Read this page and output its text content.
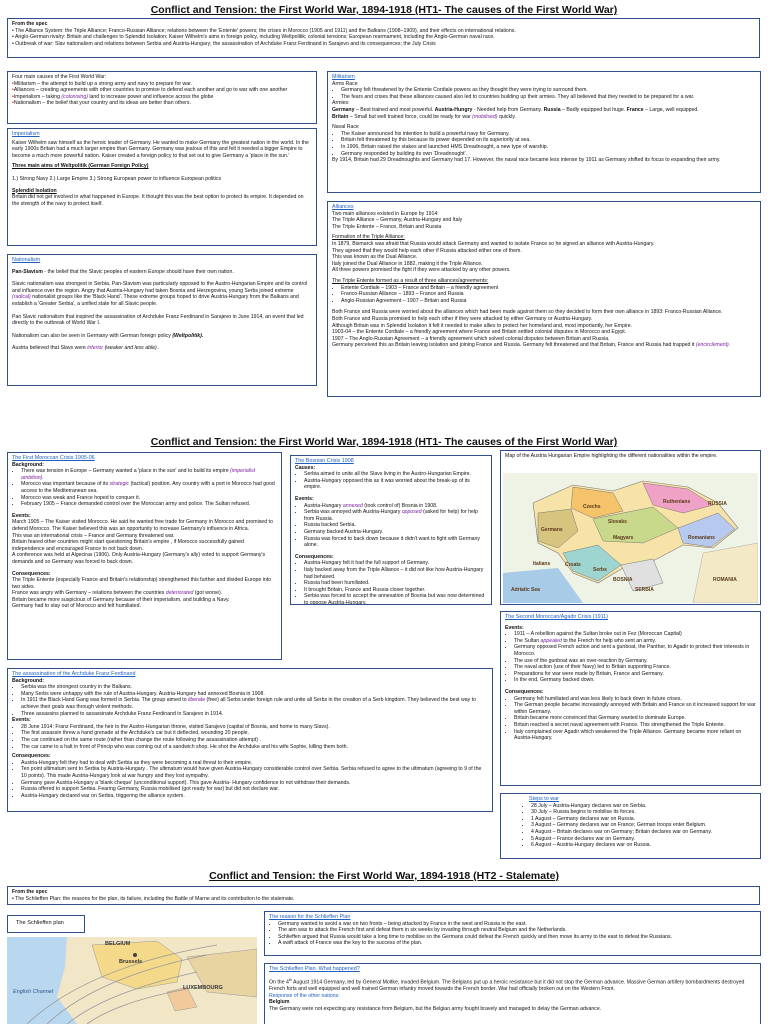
Conflict and Tension: the First World War, 1894-1918 (HT1- The causes of the First World War)
From the spec
• The Alliance System: the Triple Alliance; Franco-Russian Alliance; relations between the 'Entente' powers; the crises in Morocco (1905 and 1911) and the Balkans (1908–1909), and their effects on international relations.
• Anglo-German rivalry: Britain and challenges to Splendid Isolation; Kaiser Wilhelm's aims in foreign policy, including Weltpolitik; colonial tensions; European rearmament, including the Anglo-German naval race.
• Outbreak of war: Slav nationalism and relations between Serbia and Austria-Hungary; the assassination of Archduke Franz Ferdinand in Sarajevo and its consequences; the July Crisis
Four main causes of the First World War:
•Militarism – the attempt to build up a strong army and navy to prepare for war.
•Alliances – creating agreements with other countries to promise to defend each another and go to war with one another
•Imperialism – taking (colonising) land to increase power and influence across the globe
•Nationalism – the belief that your country and its ideas are better than others.
Imperialism
Kaiser Wilhelm saw himself as the heroic leader of Germany. He wanted to make Germany the greatest nation in the world. In the early 1900s Britain had a much larger empire than Germany. Germany was jealous of this and felt it needed a bigger Empire to become a much more powerful nation. Kaiser created a foreign policy to that set out to give Germany a 'place in the sun.'
Three main aims of Weltpolitik (German Foreign Policy)
1.) Strong Navy 2.) Large Empire 3.) Strong European power to influence European politics
Splendid Isolation
Britain did not get involved in what happened in Europe. It thought this was the best option to protect its empire. It depended on the strength of the navy to protect itself.
Nationalism
Pan-Slavism - the belief that the Slavic peoples of eastern Europe should have their own nation.
Slavic nationalism was strongest in Serbia. Pan-Slavism was particularly opposed to the Austro-Hungarian Empire and its control and influence over the region. Angry that Austria-Hungary had taken Bosnia and Herzegovina, young Serbs joined extreme (radical) nationalist groups like the 'Black Hand'. These extreme groups hoped to drive Austria-Hungary from the Balkans and establish a 'Greater Serbia', a unified state for all Slavic people.
Pan Slavic nationalism that inspired the assassination of Archduke Franz Ferdinand in Sarajevo in June 1914, an event that led directly to the outbreak of World War I.
Nationalism can also be seen in Germany with German foreign policy (Weltpolitik).
Austria believed that Slavs were inferior (weaker and less able) .
Militarism
Arms Race
• Germany felt threatened by the Entente Cordiale powers as they thought they were trying to surround them.
• The fears and crises that these alliances caused also led to countries building up their armies. They all believed that they needed to be prepared for a war.
Armies:
Germany – Best trained and most powerful. Austria-Hungry - Needed help from Germany. Russia – Badly equipped but huge. France – Large, well equipped.
Britain – Small but well trained force, could be ready for war (mobilised) quickly.
Naval Race
• The Kaiser announced his intention to build a powerful navy for Germany.
• Britain felt threatened by this because its power depended on its superiority at sea.
• In 1906, Britain raised the stakes and launched HMS Dreadnought, a new type of warship.
• Germany responded by building its own 'Dreadnought'.
By 1914, Britain had 29 Dreadnoughts and Germany had 17. However, the naval race became less intense by 1911 as Germany shifted its focus to expanding their army.
Alliances
Two main alliances existed in Europe by 1914:
The Triple Alliance – Germany, Austria-Hungary and Italy
The Triple Entente – France, Britain and Russia
Formation of the Triple Alliance:
In 1879, Bismarck was afraid that Russia would attack Germany and wanted to isolate France so he signed an alliance with Austria-Hungary.
They agreed that they would help each other if Russia attacked either one of them.
This was known as the Dual Alliance.
Italy joined the Dual Alliance in 1882, making it the Triple Alliance.
All three powers promised the fight if they were attacked by any other powers.
The Triple Entente formed as a result of three alliances/agreements:
• Entente Cordiale – 1903 – France and Britain – a friendly agreement
• Franco-Russian Alliance – 1893 – France and Russia
• Anglo-Russian Agreement – 1907 – Britain and Russia
Both France and Russia were worried about the alliances which had been made against them so they decided to form their own alliance in 1893: Franco-Russian Alliance.
Both France and Russia promised to help each other if they were attacked by either Germany or Austria-Hungary.
Although Britain was in Splendid Isolation it felt it needed to make allies to protect her homeland and, most importantly, her Empire.
1903-04 – the Entente Cordiale – a friendly agreement where France and Britain settled colonial disputes in Morocco and Egypt.
1907 – The Anglo-Russian Agreement – a friendly agreement which solved colonial disputes between Britain and Russia.
Germany perceived this as Britain leaving isolation and joining France and Russia. Germany felt threatened and that Britain, France and Russia had trapped it (encirclement).
Conflict and Tension: the First World War, 1894-1918 (HT1- The causes of the First World War)
The First Moroccan Crisis 1905-06
Background:
• There was tension in Europe – Germany wanted a 'place in the sun' and to build its empire (imperialist ambition).
• Morocco was important because of its strategic (tactical) position. Any country with a port in Morocco had good access to the Mediterranean sea.
• Morocco was weak and France hoped to conquer it.
• February 1905 – France demanded control over the Moroccan army and police. The Sultan refused.
Events:
March 1905 – The Kaiser visited Morocco. He said he wanted free trade for Germany in Morocco and promised to defend Morocco. The Kaiser believed this was an opportunity to increase Germany's influence in Africa.
This was an international crisis – France and Germany threatened war.
Britain feared other countries might start questioning Britain's empire , if Morocco successfully gained independence and encouraged France to not back down.
A conference was held at Algeciras (1906). Only Austria-Hungary (Germany's ally) voted to support Germany's demands and so Germany was forced to back down.
Consequences:
The Triple Entente (especially France and Britain's relationship) strengthened this further and divided Europe into two sides.
France was angry with Germany – relations between the countries deteriorated (got worse).
Britain became more suspicious of Germany because of their imperialism, and building a Navy.
Germany had to stay out of Morocco and felt humiliated.
The Bosnian Crisis 1908
Causes:
• Serbia aimed to unite all the Slavs living in the Austro-Hungarian Empire.
• Austria-Hungary opposed this as it was worried about the break-up of its empire.
Events:
• Austria-Hungary annexed (took control of) Bosnia in 1908.
• Serbia was annoyed with Austria-Hungary opposed (asked for help) for help from Russia.
• Russia backed Serbia.
• Germany backed Austria-Hungary.
• Russia was forced to back down because it didn't want to fight with Germany alone.
Consequences:
• Austria-Hungary felt it had the full support of Germany.
• Italy backed away from the Triple Alliance – it did not like how Austria-Hungary had behaved.
• Russia had been humiliated.
• It brought Britain, France and Russia closer together.
• Serbia was forced to accept the annexation of Bosnia but was now determined to oppose Austria-Hungary.
Map of the Austria Hungarian Empire highlighting the different nationalities within the empire.
Czechs
Ruthenians
Germans
Slovaks
Magyars	Romanians
Serbs
Croats
Italians
SERBIA
RUSSIA
ROMANIA
Adriatic Sea
BOSNIA
The Second Moroccan/Agadir Crisis (1911)
Events:
• 1911 – A rebellion against the Sultan broke out in Fez (Moroccan Capital)
• The Sultan appealed to the French for help who sent an army.
• Germany opposed French action and sent a gunboat, the Panther, to Agadir to protect their interests in Morocco.
• The use of the gunboat was an over-reaction by Germany.
• The naval action (use of their Navy) led to Britain supporting France.
• Preparations for war were made by Britain, France and Germany.
• In the end, Germany backed down.
Consequences:
• Germany felt humiliated and was less likely to back down in future crises.
• The German people became increasingly annoyed with Britain and France so it increased support for war within Germany.
• Britain became more convinced that Germany wanted to dominate Europe.
• Britain reached a secret naval agreement with France. This strengthened the Triple Entente.
• Italy complained over Agadir which weakened the Triple Alliance. Germany became more reliant on Austria-Hungary.
The assassination of the Archduke Franz Ferdinand
Background:
• Serbia was the strongest country in the Balkans.
• Many Serbs were unhappy with the rule of Austria-Hungary. Austria-Hungary had annexed Bosnia in 1908.
• In 1911 the Black Hand Gang was formed in Serbia. The group aimed to liberate (free) all Serbs under foreign rule and unite all Serbs in the creation of a Serb kingdom. They believed the best way to achieve their goals was through violent methods.
• Three assassins planned to assassinate Archduke Franz Ferdinand in Sarajevo in 1914.
Events:
• 28 June 1914: Franz Ferdinand, the heir to the Austro-Hungarian throne, visited Sarajevo (capital of Bosnia, and home to many Slavs).
• The first assassin threw a hand grenade at the Archduke's car but it deflected, wounding 20 people.
• The car continued on the same route (rather than change the route following the assassination attempt) .
• The car came to a halt in front of Princip who was coming out of a sandwich shop. He shot the Archduke and his wife Sophie, killing them both.
Consequences:
• Austria-Hungary felt they had to deal with Serbia as they were becoming a real threat to their empire.
• Ten point ultimatum sent to Serbia by Austria-Hungary . The ultimatum would have given Austria-Hungary considerable control over Serbia. Serbia refused to agree to the ultimatum (agreeing to 9 of the 10 points). This made Austria-Hungary look at war hungry and they lost sympathy.
• Germany gave Austria-Hungary a 'blank cheque' (unconditional support). This gave Austria- Hungary confidence to not withdraw their demands.
• Russia offered to support Serbia. Fearing Germany, Russia mobilised (got ready for war) but did not declare war.
• Austria-Hungary declared war on Serbia, triggering the alliance system.
Steps to war
• 28 July – Austria-Hungary declares war on Serbia.
• 30 July – Russia begins to mobilise its forces.
• 1 August – Germany declares war on Russia.
• 3 August – Germany declares war on France; German troops enter Belgium.
• 4 August – Britain declares war on Germany; Britain declares war on Germany.
• 5 August – France declares war on Germany.
• 6 August – Austria-Hungary declares war on Russia.
Conflict and Tension: the First World War, 1894-1918 (HT2 - Stalemate)
From the spec
• The Schlieffen Plan: the reasons for the plan, its failure, including the Battle of Marne and its contribution to the stalemate.
The Schlieffen plan
BELGIUM
Brussels
LUXEMBOURG
English Channel
The reason for the Schlieffen Plan
• Germany wanted to avoid a war on two fronts – being attacked by France in the west and Russia in the east.
• The aim was to attack the French first and defeat them in six weeks by invading through neutral Belgium and the Netherlands.
• Schlieffen argued that Russia would take a long time to mobilise so the Germans could defeat the French quickly and then move its army to the east to defeat the Russians.
• A swift attack of France was the key to the success of the plan.
The Schlieffen Plan. What happened?
On the 4th August 1914 Germany, led by General Moltke, invaded Belgium. The Belgians put up a heroic resistance but it did not stop the German advance. Massive German artillery bombardments destroyed French forts and well equipped and well trained German infantry moved towards the French border. War had officially broken out on the Western Front.
Response of the other nations:
Belgium
The Germany were not expecting any resistance from Belgium, but the Belgian army fought bravely and managed to delay the German advance.
